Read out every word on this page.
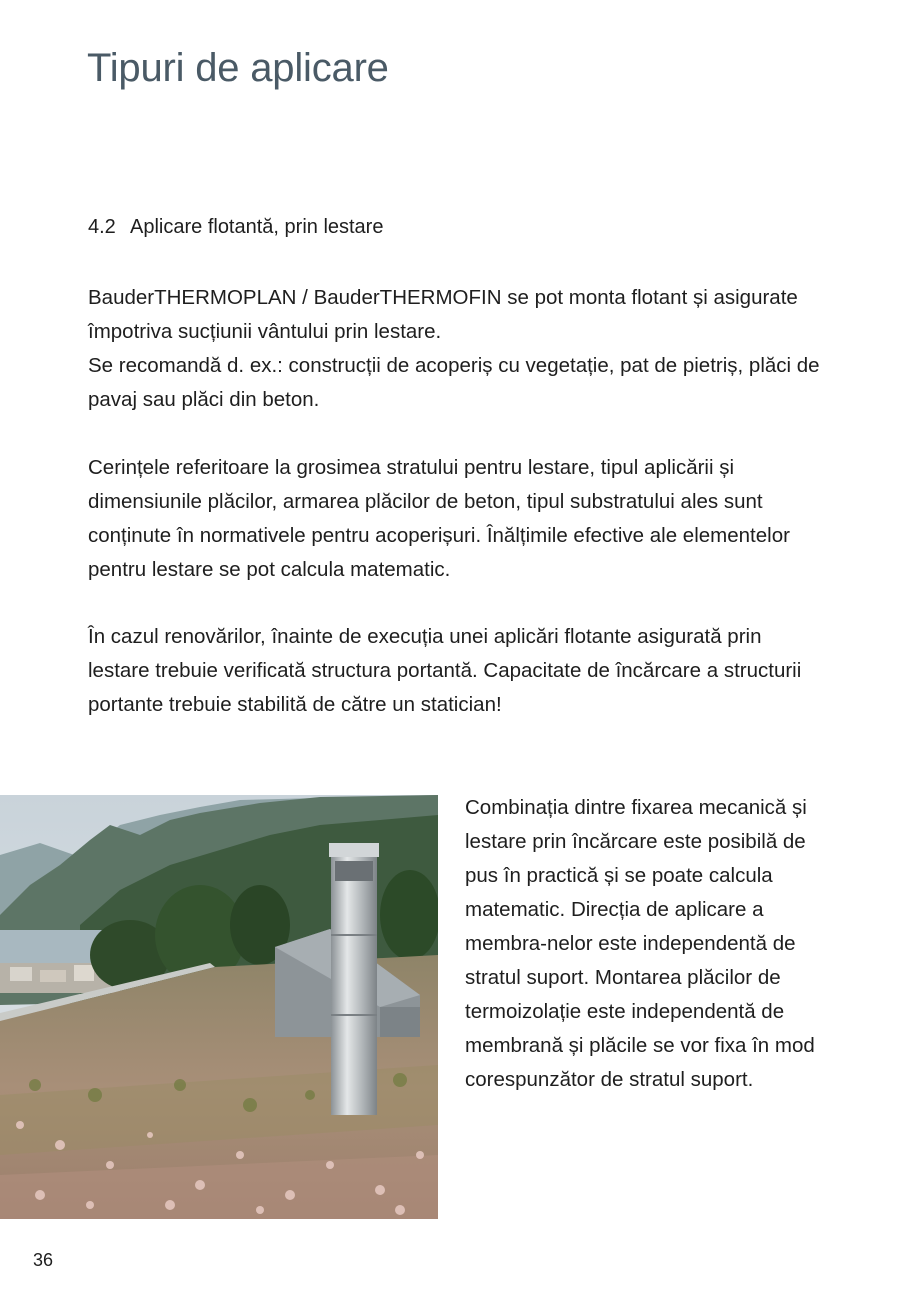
Tipuri de aplicare
4.2 Aplicare flotantă, prin lestare

BauderTHERMOPLAN / BauderTHERMOFIN se pot monta flotant și asigurate împotriva sucțiunii vântului prin lestare.
Se recomandă d. ex.: construcții de acoperiș cu vegetație, pat de pietriș, plăci de pavaj sau plăci din beton.

Cerințele referitoare la grosimea stratului pentru lestare, tipul aplicării și dimensiunile plăcilor, armarea plăcilor de beton, tipul substratului ales sunt conținute în normativele pentru acoperișuri. Înălțimile efective ale elementelor pentru lestare se pot calcula matematic.

În cazul renovărilor, înainte de execuția unei aplicări flotante asigurată prin lestare trebuie verificată structura portantă. Capacitate de încărcare a structurii portante trebuie stabilită de către un statician!

Combinația dintre fixarea mecanică și lestare prin încărcare este posibilă de pus în practică și se poate calcula matematic. Direcția de aplicare a membra-nelor este independentă de stratul suport. Montarea plăcilor de termoizolație este independentă de membrană și plăcile se vor fixa în mod corespunzător de stratul suport.

36
